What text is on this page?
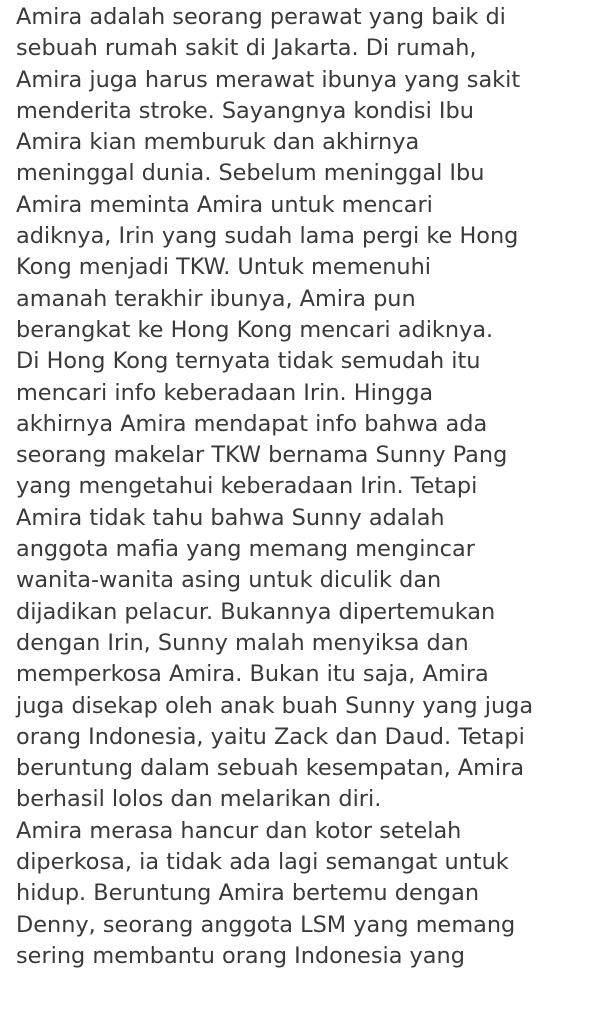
Amira adalah seorang perawat yang baik di
sebuah rumah sakit di Jakarta. Di rumah,
Amira juga harus merawat ibunya yang sakit
menderita stroke. Sayangnya kondisi Ibu
Amira kian memburuk dan akhirnya
meninggal dunia. Sebelum meninggal Ibu
Amira meminta Amira untuk mencari
adiknya, Irin yang sudah lama pergi ke Hong
Kong menjadi TKW. Untuk memenuhi
amanah terakhir ibunya, Amira pun
berangkat ke Hong Kong mencari adiknya.
Di Hong Kong ternyata tidak semudah itu
mencari info keberadaan Irin. Hingga
akhirnya Amira mendapat info bahwa ada
seorang makelar TKW bernama Sunny Pang
yang mengetahui keberadaan Irin. Tetapi
Amira tidak tahu bahwa Sunny adalah
anggota mafia yang memang mengincar
wanita-wanita asing untuk diculik dan
dijadikan pelacur. Bukannya dipertemukan
dengan Irin, Sunny malah menyiksa dan
memperkosa Amira. Bukan itu saja, Amira
juga disekap oleh anak buah Sunny yang juga
orang Indonesia, yaitu Zack dan Daud. Tetapi
beruntung dalam sebuah kesempatan, Amira
berhasil lolos dan melarikan diri.
Amira merasa hancur dan kotor setelah
diperkosa, ia tidak ada lagi semangat untuk
hidup. Beruntung Amira bertemu dengan
Denny, seorang anggota LSM yang memang
sering membantu orang Indonesia yang
